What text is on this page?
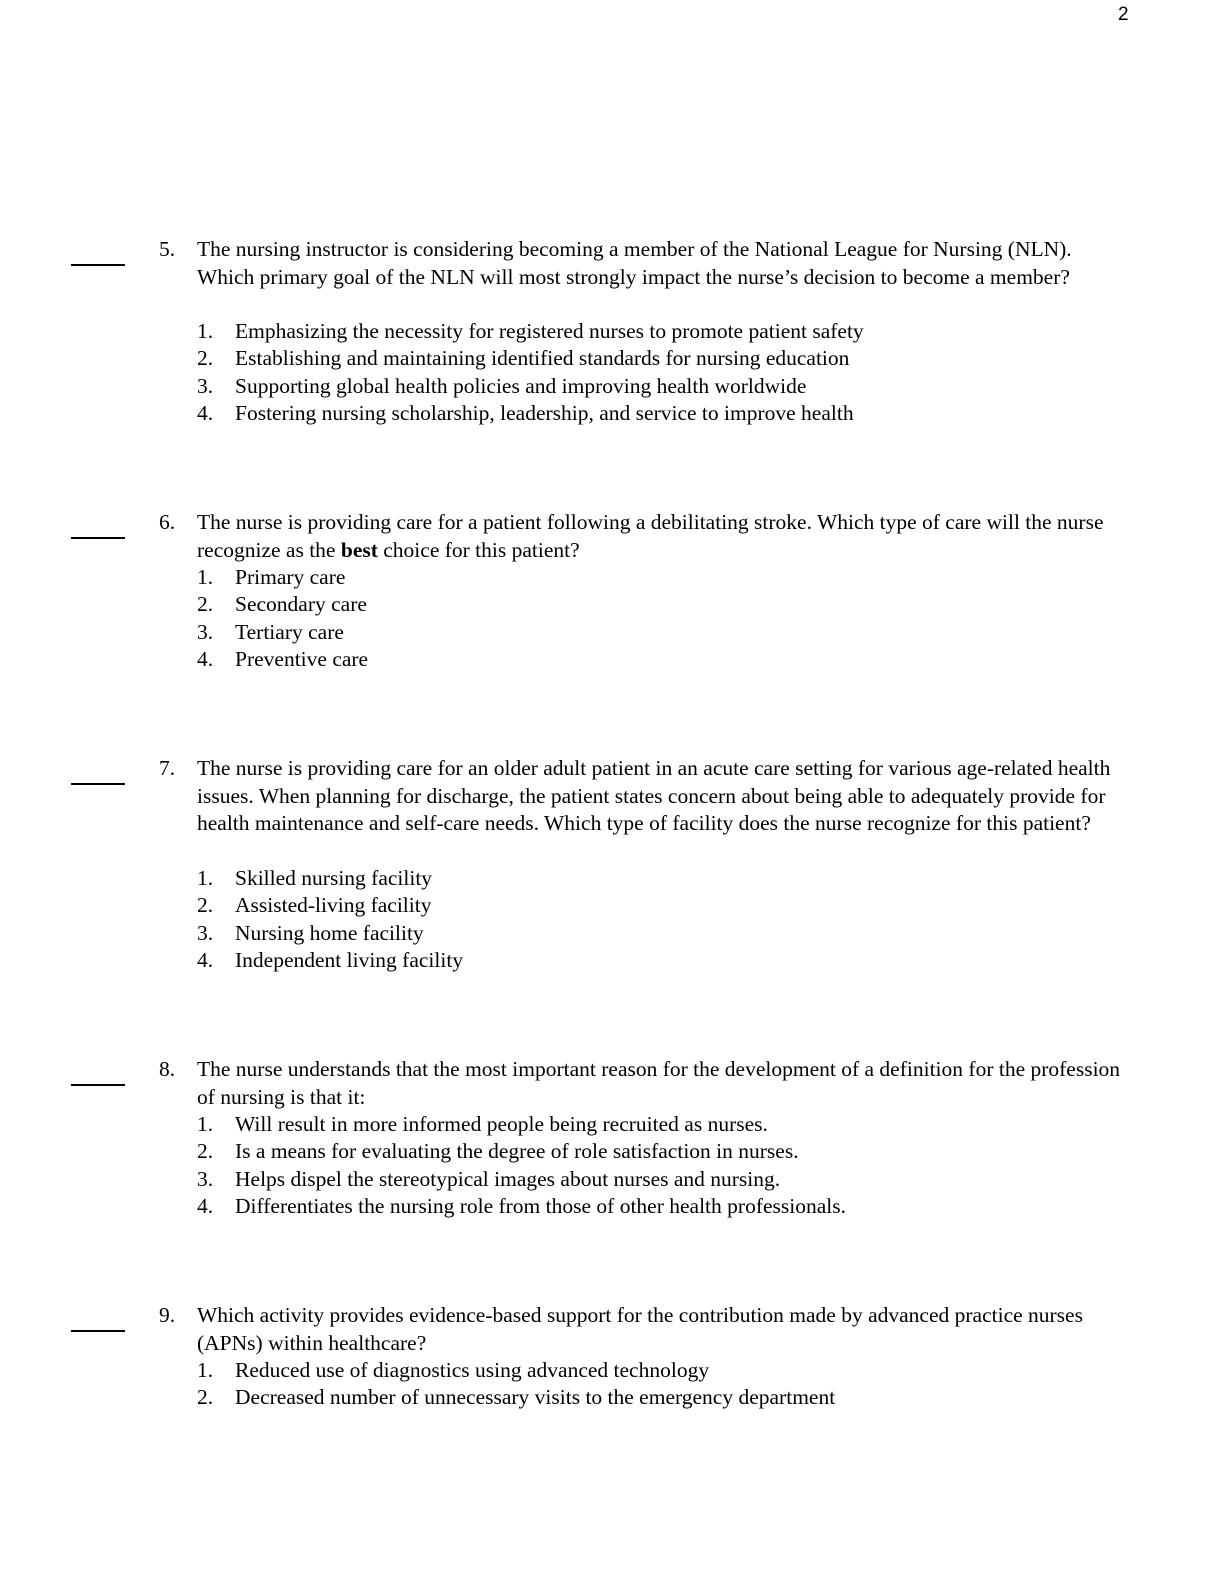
2
5. The nursing instructor is considering becoming a member of the National League for Nursing (NLN). Which primary goal of the NLN will most strongly impact the nurse’s decision to become a member?
1. Emphasizing the necessity for registered nurses to promote patient safety
2. Establishing and maintaining identified standards for nursing education
3. Supporting global health policies and improving health worldwide
4. Fostering nursing scholarship, leadership, and service to improve health
6. The nurse is providing care for a patient following a debilitating stroke. Which type of care will the nurse recognize as the best choice for this patient?
1. Primary care
2. Secondary care
3. Tertiary care
4. Preventive care
7. The nurse is providing care for an older adult patient in an acute care setting for various age-related health issues. When planning for discharge, the patient states concern about being able to adequately provide for health maintenance and self-care needs. Which type of facility does the nurse recognize for this patient?
1. Skilled nursing facility
2. Assisted-living facility
3. Nursing home facility
4. Independent living facility
8. The nurse understands that the most important reason for the development of a definition for the profession of nursing is that it:
1. Will result in more informed people being recruited as nurses.
2. Is a means for evaluating the degree of role satisfaction in nurses.
3. Helps dispel the stereotypical images about nurses and nursing.
4. Differentiates the nursing role from those of other health professionals.
9. Which activity provides evidence-based support for the contribution made by advanced practice nurses (APNs) within healthcare?
1. Reduced use of diagnostics using advanced technology
2. Decreased number of unnecessary visits to the emergency department
